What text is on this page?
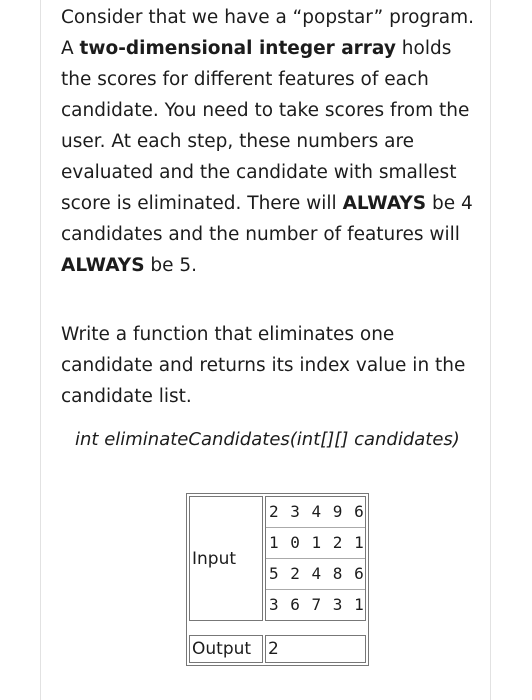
Consider that we have a “popstar” program. A two-dimensional integer array holds the scores for different features of each candidate. You need to take scores from the user. At each step, these numbers are evaluated and the candidate with smallest score is eliminated. There will ALWAYS be 4 candidates and the number of features will ALWAYS be 5.

Write a function that eliminates one candidate and returns its index value in the candidate list.

int eliminateCandidates(int[][] candidates)
Input	2 3 4 9 6
1 0 1 2 1
5 2 4 8 6
3 6 7 3 1

Output	2
